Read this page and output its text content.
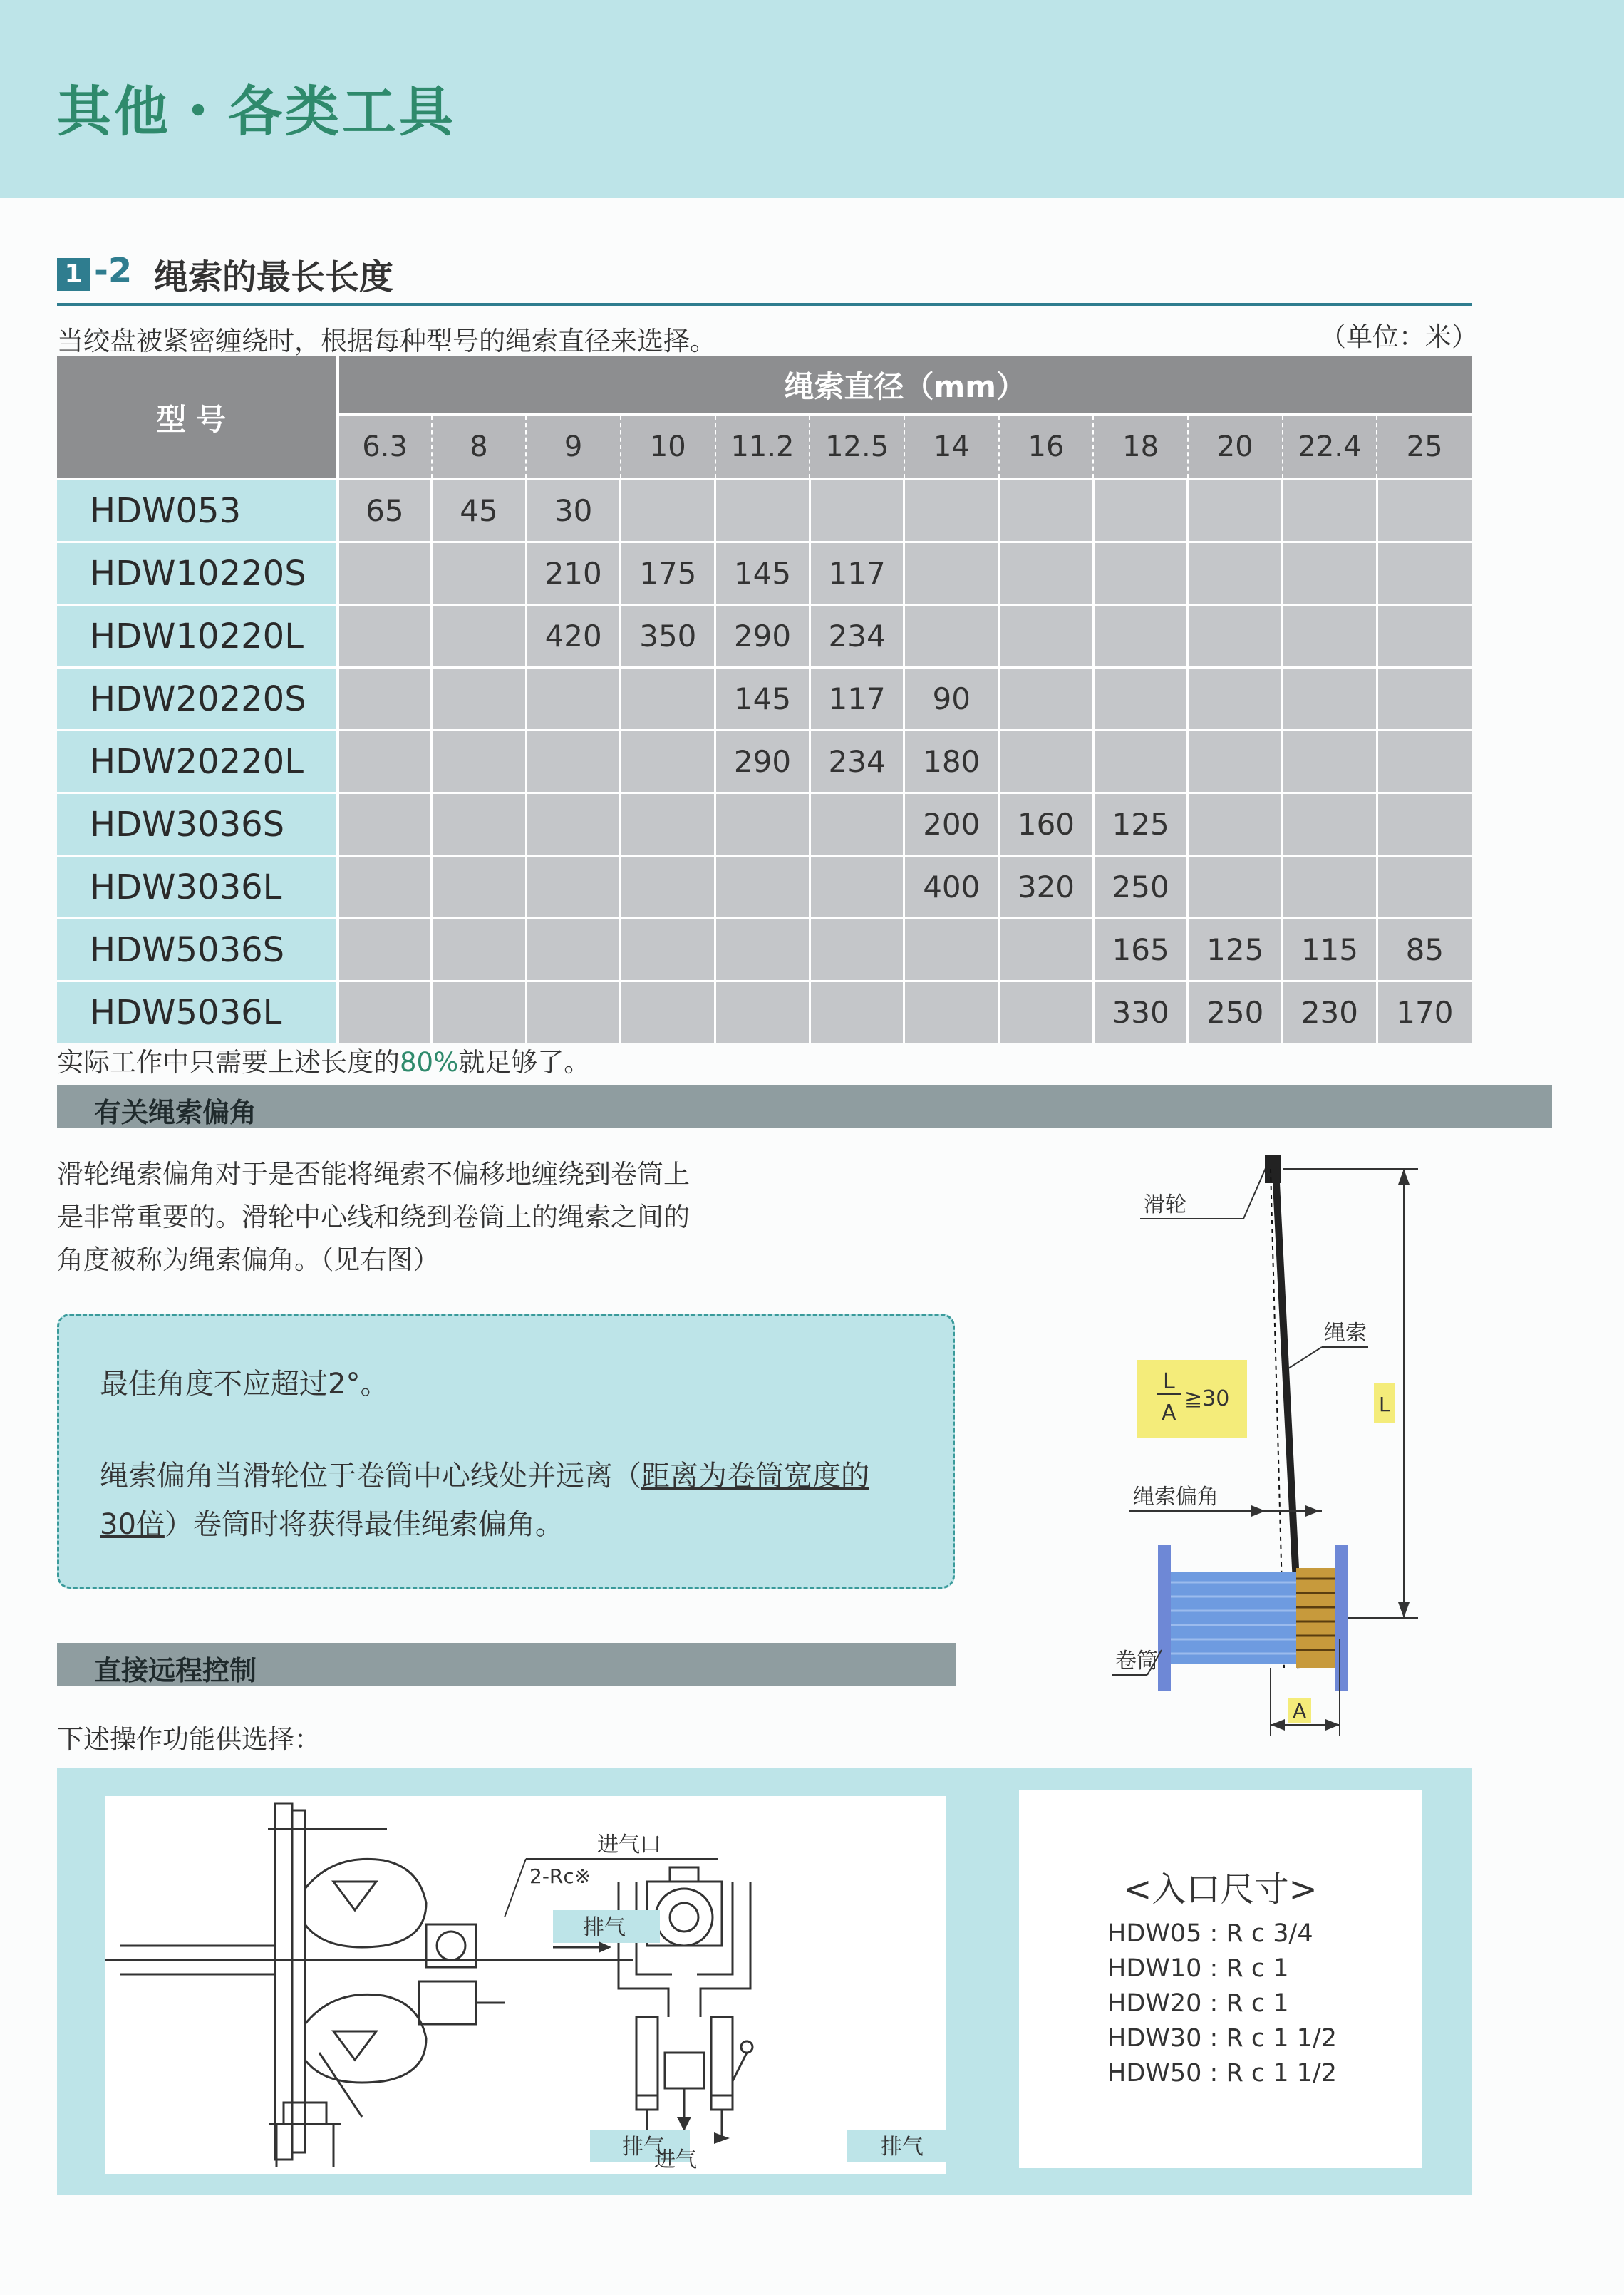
其他・各类工具
1 -2 绳索的最长长度
当绞盘被紧密缠绕时，根据每种型号的绳索直径来选择。	（单位：米）
型号	绳索直径（mm）											
	6.3	8	9	10	11.2	12.5	14	16	18	20	22.4	25
HDW053	65	45	30									
HDW10220S			210	175	145	117						
HDW10220L			420	350	290	234						
HDW20220S					145	117	90					
HDW20220L					290	234	180					
HDW3036S							200	160	125			
HDW3036L							400	320	250			
HDW5036S									165	125	115	85
HDW5036L									330	250	230	170
实际工作中只需要上述长度的80%就足够了。
有关绳索偏角
滑轮绳索偏角对于是否能将绳索不偏移地缠绕到卷筒上是非常重要的。滑轮中心线和绕到卷筒上的绳索之间的角度被称为绳索偏角。（见右图）
最佳角度不应超过2°。
绳索偏角当滑轮位于卷筒中心线处并远离（距离为卷筒宽度的30倍）卷筒时将获得最佳绳索偏角。
滑轮
绳索
L
A
≧30	L
绳索偏角
卷筒
A
直接远程控制
下述操作功能供选择：
进气口
2-Rc※
排气
排气	排气
进气
<入口尺寸>
HDW05 : R c 3/4
HDW10 : R c 1
HDW20 : R c 1
HDW30 : R c 1 1/2
HDW50 : R c 1 1/2
